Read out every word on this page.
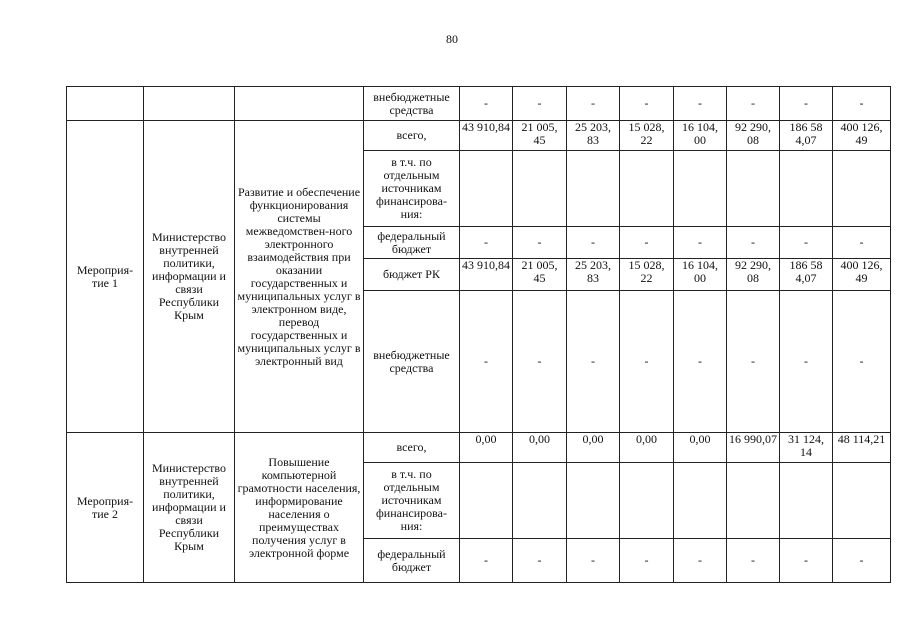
80
			внебюджетные средства	-	-	-	-	-	-	-	-
Мероприя-тие 1	Министерство внутренней политики, информации и связи Республики Крым	Развитие и обеспечение функционирования системы межведомствен-ного электронного взаимодействия при оказании государственных и муниципальных услуг в электронном виде, перевод государственных и муниципальных услуг в электронный вид	всего,	43 910,84	21 005, 45	25 203, 83	15 028, 22	16 104, 00	92 290, 08	186 58 4,07	400 126, 49
			в т.ч. по отдельным источникам финансирова-ния:								
			федеральный бюджет	-	-	-	-	-	-	-	-
			бюджет РК	43 910,84	21 005, 45	25 203, 83	15 028, 22	16 104, 00	92 290, 08	186 58 4,07	400 126, 49
			внебюджетные средства	-	-	-	-	-	-	-	-
Мероприя-тие 2	Министерство внутренней политики, информации и связи Республики Крым	Повышение компьютерной грамотности населения, информирование населения о преимуществах получения услуг в электронной форме	всего,	0,00	0,00	0,00	0,00	0,00	16 990,07	31 124, 14	48 114,21
			в т.ч. по отдельным источникам финансирова-ния:								
			федеральный бюджет	-	-	-	-	-	-	-	-
